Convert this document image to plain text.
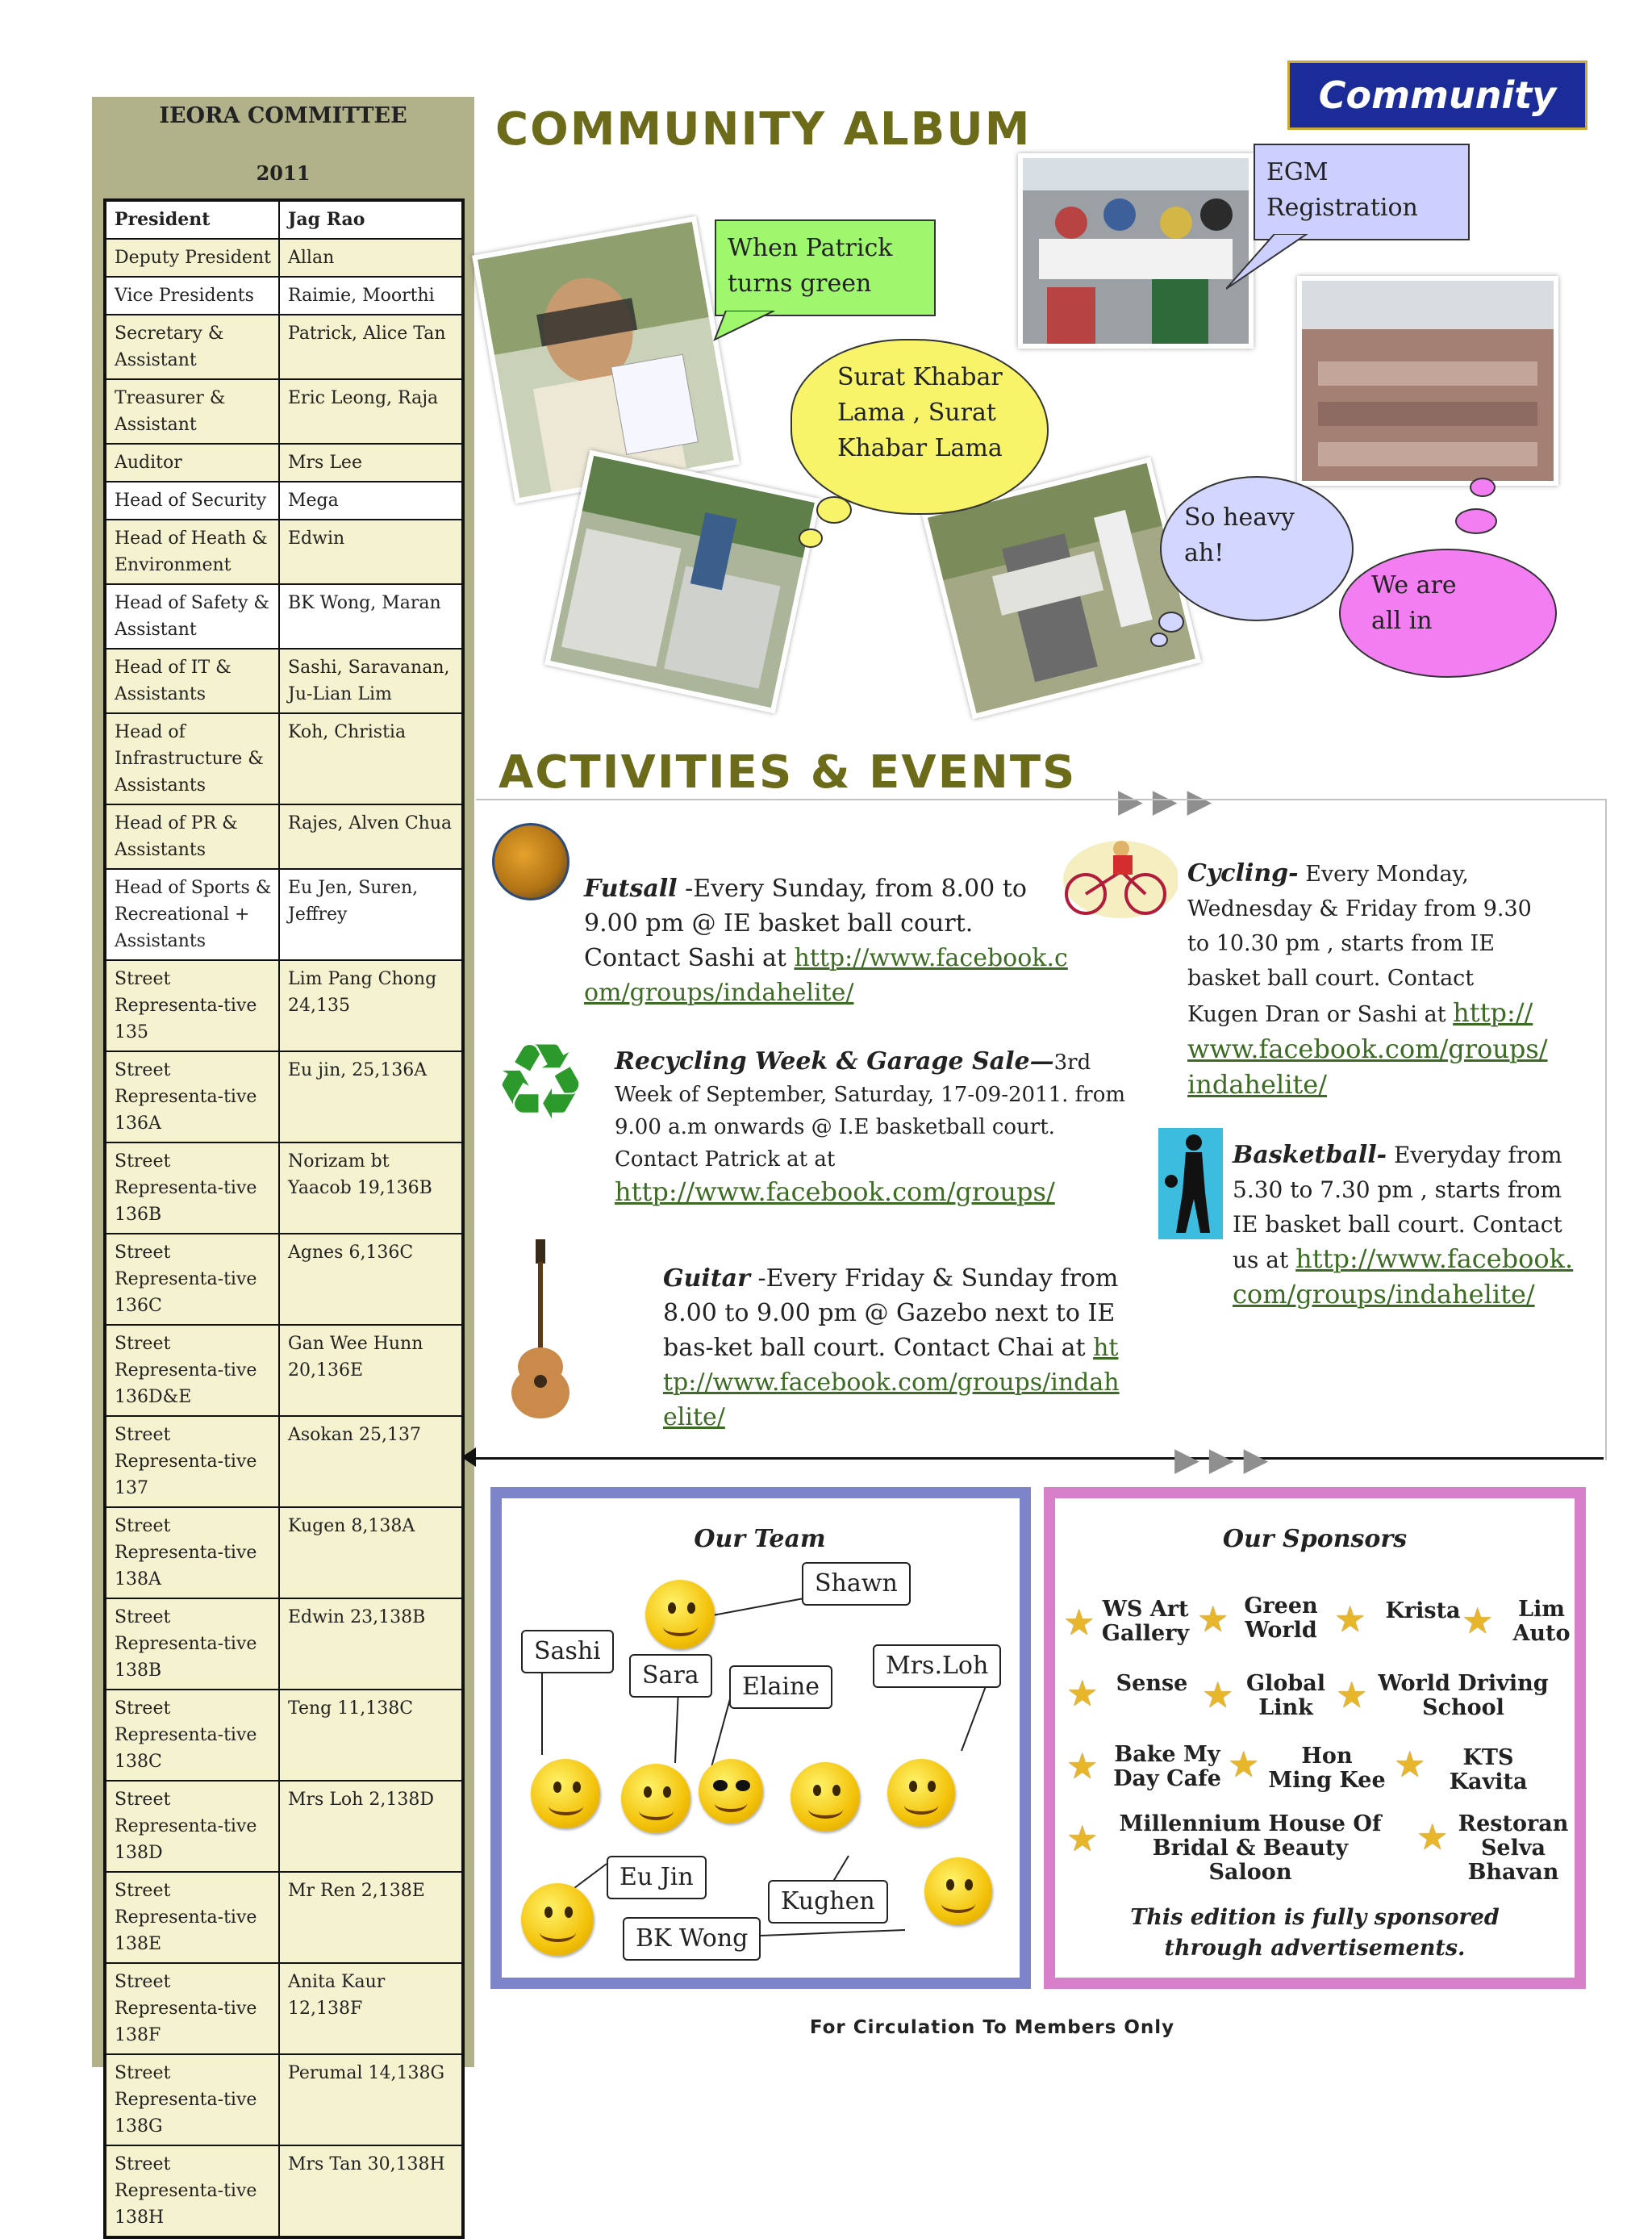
IEORA COMMITTEE
2011
President	Jag Rao
Deputy President	Allan
Vice Presidents	Raimie, Moorthi
Secretary & Assistant	Patrick, Alice Tan
Treasurer & Assistant	Eric Leong, Raja
Auditor	Mrs Lee
Head of Security	Mega
Head of Heath & Environment	Edwin
Head of Safety & Assistant	BK Wong, Maran
Head of IT & Assistants	Sashi, Saravanan, Ju-Lian Lim
Head of Infrastructure & Assistants	Koh, Christia
Head of PR & Assistants	Rajes, Alven Chua
Head of Sports & Recreational + Assistants	Eu Jen, Suren, Jeffrey
Street Representa-tive 135	Lim Pang Chong 24,135
Street Representa-tive 136A	Eu jin, 25,136A
Street Representa-tive 136B	Norizam bt Yaacob 19,136B
Street Representa-tive 136C	Agnes 6,136C
Street Representa-tive 136D&E	Gan Wee Hunn 20,136E
Street Representa-tive 137	Asokan 25,137
Street Representa-tive 138A	Kugen 8,138A
Street Representa-tive 138B	Edwin 23,138B
Street Representa-tive 138C	Teng 11,138C
Street Representa-tive 138D	Mrs Loh 2,138D
Street Representa-tive 138E	Mr Ren 2,138E
Street Representa-tive 138F	Anita Kaur 12,138F
Street Representa-tive 138G	Perumal 14,138G
Street Representa-tive 138H	Mrs Tan 30,138H
Community
COMMUNITY ALBUM
EGM Registration
When Patrick turns green
Surat Khabar Lama , Surat Khabar Lama
So heavy ah!
We are all in
ACTIVITIES & EVENTS
▶▶▶
▶▶▶
Futsall -Every Sunday, from 8.00 to 9.00 pm @ IE basket ball court. Contact Sashi at http://www.facebook.com/groups/indahelite/
♻	Recycling Week & Garage Sale—3rd Week of September, Saturday, 17-09-2011. from 9.00 a.m onwards @ I.E basketball court. Contact Patrick at at http://www.facebook.com/groups/
Guitar -Every Friday & Sunday from 8.00 to 9.00 pm @ Gazebo next to IE bas-ket ball court. Contact Chai at http://www.facebook.com/groups/indahelite/
Cycling- Every Monday, Wednesday & Friday from 9.30 to 10.30 pm , starts from IE basket ball court. Contact Kugen Dran or Sashi at http://www.facebook.com/groups/indahelite/
Basketball- Everyday from 5.30 to 7.30 pm , starts from IE basket ball court. Contact us at http://www.facebook.com/groups/indahelite/
Our Team
Shawn
Sashi
Sara	Elaine
Mrs.Loh
Eu Jin
Kughen
BK Wong
Our Sponsors
★ WS Art Gallery ★ Green World ★ Krista ★	Lim Auto
★ Sense ★ Global Link ★ World Driving School
★ Bake My Day Cafe ★	Hon Ming Kee ★	KTS Kavita
★ Millennium House Of Bridal & Beauty Saloon
★ Restoran Selva Bhavan
This edition is fully sponsored through advertisements.
For Circulation To Members Only
